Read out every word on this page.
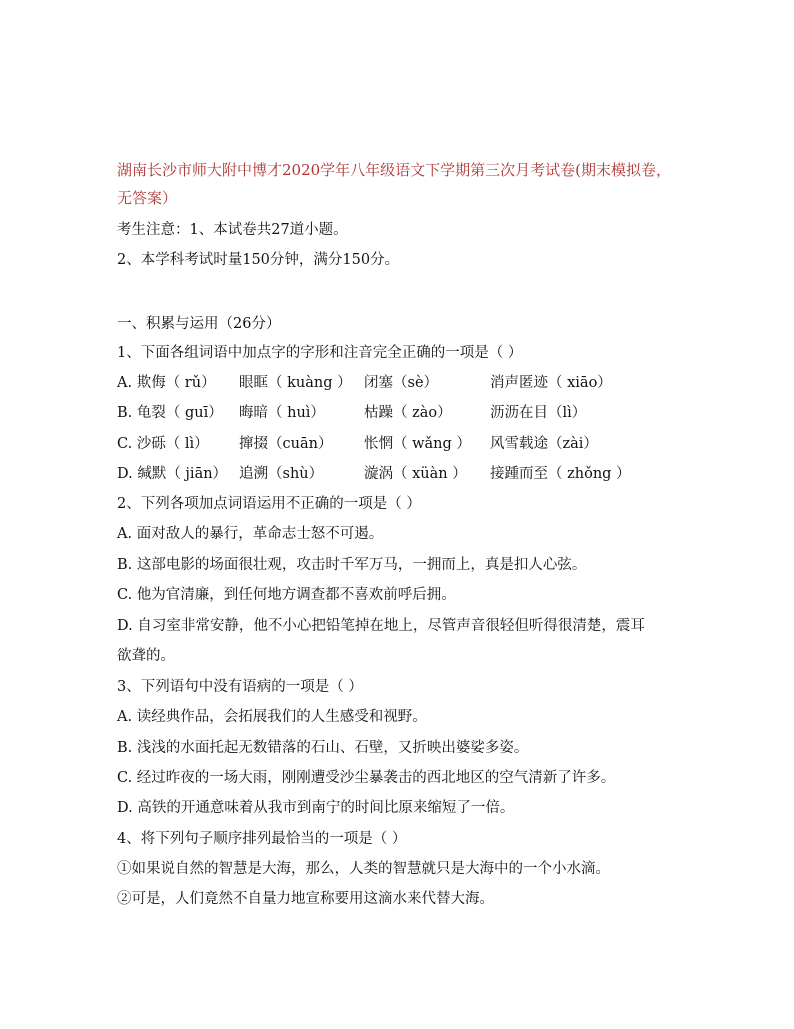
湖南长沙市师大附中博才2020学年八年级语文下学期第三次月考试卷(期末模拟卷，
无答案）
考生注意：1、本试卷共27道小题。
2、本学科考试时量150分钟，满分150分。
一、积累与运用（26分）
1、下面各组词语中加点字的字形和注音完全正确的一项是（ ）
A. 欺侮（ rǔ） 眼眶（ kuàng ） 闭塞（sè）	消声匿迹（ xiāo）
B. 龟裂（ guī） 晦暗（ huì）	枯躁（ zào）	沥沥在目（lì）
C. 沙砾（ lì） 撺掇（cuān） 怅惘（ wǎng ） 风雪载途（zài）
D. 缄默（ jiān） 追溯（shù）	漩涡（ xüàn ） 接踵而至（ zhǒng ）
2、下列各项加点词语运用不正确的一项是（ ）
A. 面对敌人的暴行，革命志士怒不可遏。
B. 这部电影的场面很壮观，攻击时千军万马，一拥而上，真是扣人心弦。
C. 他为官清廉，到任何地方调查都不喜欢前呼后拥。
D. 自习室非常安静，他不小心把铅笔掉在地上，尽管声音很轻但听得很清楚，震耳
欲聋的。
3、下列语句中没有语病的一项是（ ）
A. 读经典作品，会拓展我们的人生感受和视野。
B. 浅浅的水面托起无数错落的石山、石壁，又折映出婆娑多姿。
C. 经过昨夜的一场大雨，刚刚遭受沙尘暴袭击的西北地区的空气清新了许多。
D. 高铁的开通意味着从我市到南宁的时间比原来缩短了一倍。
4、将下列句子顺序排列最恰当的一项是（ ）
①如果说自然的智慧是大海，那么，人类的智慧就只是大海中的一个小水滴。
②可是，人们竟然不自量力地宣称要用这滴水来代替大海。
